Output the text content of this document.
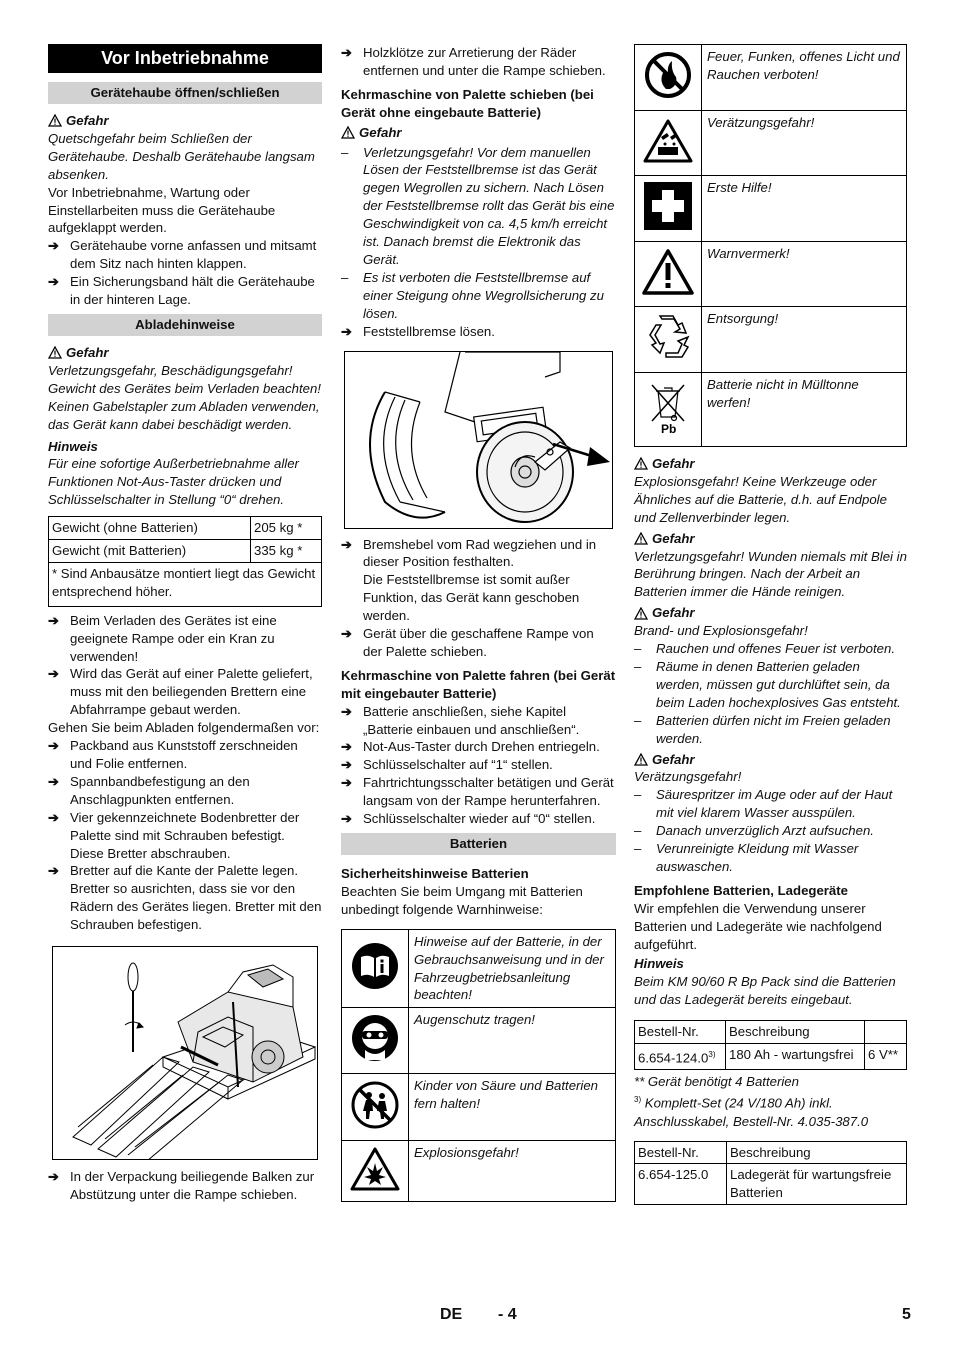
Vor Inbetriebnahme
Gerätehaube öffnen/schließen
Gefahr

Quetschgefahr beim Schließen der Gerätehaube. Deshalb Gerätehaube langsam absenken.

Vor Inbetriebnahme, Wartung oder Einstellarbeiten muss die Gerätehaube aufgeklappt werden.

➔ Gerätehaube vorne anfassen und mitsamt dem Sitz nach hinten klappen.
➔ Ein Sicherungsband hält die Gerätehaube in der hinteren Lage.
Abladehinweise
Gefahr

Verletzungsgefahr, Beschädigungsgefahr! Gewicht des Gerätes beim Verladen beachten!
Keinen Gabelstapler zum Abladen verwenden, das Gerät kann dabei beschädigt werden.

Hinweis

Für eine sofortige Außerbetriebnahme aller Funktionen Not-Aus-Taster drücken und Schlüsselschalter in Stellung “0“ drehen.

Gewicht (ohne Batterien)	205 kg *
Gewicht (mit Batterien)	335 kg *
* Sind Anbausätze montiert liegt das Gewicht entsprechend höher.	
➔ Beim Verladen des Gerätes ist eine geeignete Rampe oder ein Kran zu verwenden!
➔ Wird das Gerät auf einer Palette geliefert, muss mit den beiliegenden Brettern eine Abfahrrampe gebaut werden.

Gehen Sie beim Abladen folgendermaßen vor:

➔ Packband aus Kunststoff zerschneiden und Folie entfernen.
➔ Spannbandbefestigung an den Anschlagpunkten entfernen.
➔ Vier gekennzeichnete Bodenbretter der Palette sind mit Schrauben befestigt. Diese Bretter abschrauben.
➔ Bretter auf die Kante der Palette legen. Bretter so ausrichten, dass sie vor den Rädern des Gerätes liegen. Bretter mit den Schrauben befestigen.
➔ In der Verpackung beiliegende Balken zur Abstützung unter die Rampe schieben.
➔ Holzklötze zur Arretierung der Räder entfernen und unter die Rampe schieben.

Kehrmaschine von Palette schieben (bei Gerät ohne eingebaute Batterie)

Gefahr
–	Verletzungsgefahr! Vor dem manuellen Lösen der Feststellbremse ist das Gerät gegen Wegrollen zu sichern. Nach Lösen der Feststellbremse rollt das Gerät bis eine Geschwindigkeit von ca. 4,5 km/h erreicht ist. Danach bremst die Elektronik das Gerät.
–	Es ist verboten die Feststellbremse auf einer Steigung ohne Wegrollsicherung zu lösen.
➔ Feststellbremse lösen.
➔ Bremshebel vom Rad wegziehen und in dieser Position festhalten.
Die Feststellbremse ist somit außer Funktion, das Gerät kann geschoben werden.
➔ Gerät über die geschaffene Rampe von der Palette schieben.

Kehrmaschine von Palette fahren (bei Gerät mit eingebauter Batterie)

➔ Batterie anschließen, siehe Kapitel „Batterie einbauen und anschließen“.
➔ Not-Aus-Taster durch Drehen entriegeln.
➔ Schlüsselschalter auf “1“ stellen.
➔ Fahrtrichtungsschalter betätigen und Gerät langsam von der Rampe herunterfahren.
➔ Schlüsselschalter wieder auf “0“ stellen.
Batterien

Sicherheitshinweise Batterien

Beachten Sie beim Umgang mit Batterien unbedingt folgende Warnhinweise:

	Hinweise auf der Batterie, in der Gebrauchsanweisung und in der Fahrzeugbetriebsanleitung beachten!
	Augenschutz tragen!
	Kinder von Säure und Batterien fern halten!
	Explosionsgefahr!
	Feuer, Funken, offenes Licht und Rauchen verboten!
	Verätzungsgefahr!
	Erste Hilfe!
	Warnvermerk!
	Entsorgung!

Pb	Batterie nicht in Mülltonne werfen!
Gefahr

Explosionsgefahr! Keine Werkzeuge oder Ähnliches auf die Batterie, d.h. auf Endpole und Zellenverbinder legen.

Gefahr

Verletzungsgefahr! Wunden niemals mit Blei in Berührung bringen. Nach der Arbeit an Batterien immer die Hände reinigen.

Gefahr

Brand- und Explosionsgefahr!

–	Rauchen und offenes Feuer ist verboten.
–	Räume in denen Batterien geladen werden, müssen gut durchlüftet sein, da beim Laden hochexplosives Gas entsteht.
–	Batterien dürfen nicht im Freien geladen werden.
Gefahr

Verätzungsgefahr!

–	Säurespritzer im Auge oder auf der Haut mit viel klarem Wasser ausspülen.
–	Danach unverzüglich Arzt aufsuchen.
–	Verunreinigte Kleidung mit Wasser auswaschen.

Empfohlene Batterien, Ladegeräte

Wir empfehlen die Verwendung unserer Batterien und Ladegeräte wie nachfolgend aufgeführt.

Hinweis

Beim KM 90/60 R Bp Pack sind die Batterien und das Ladegerät bereits eingebaut.

Bestell-Nr.	Beschreibung	
6.654-124.0$^{3)}$	180 Ah - wartungsfrei	6 V**

** Gerät benötigt 4 Batterien

$^{3)}$ Komplett-Set (24 V/180 Ah) inkl. Anschlusskabel, Bestell-Nr. 4.035-387.0

Bestell-Nr.	Beschreibung
6.654-125.0	Ladegerät für wartungsfreie Batterien
DE - 4	5
